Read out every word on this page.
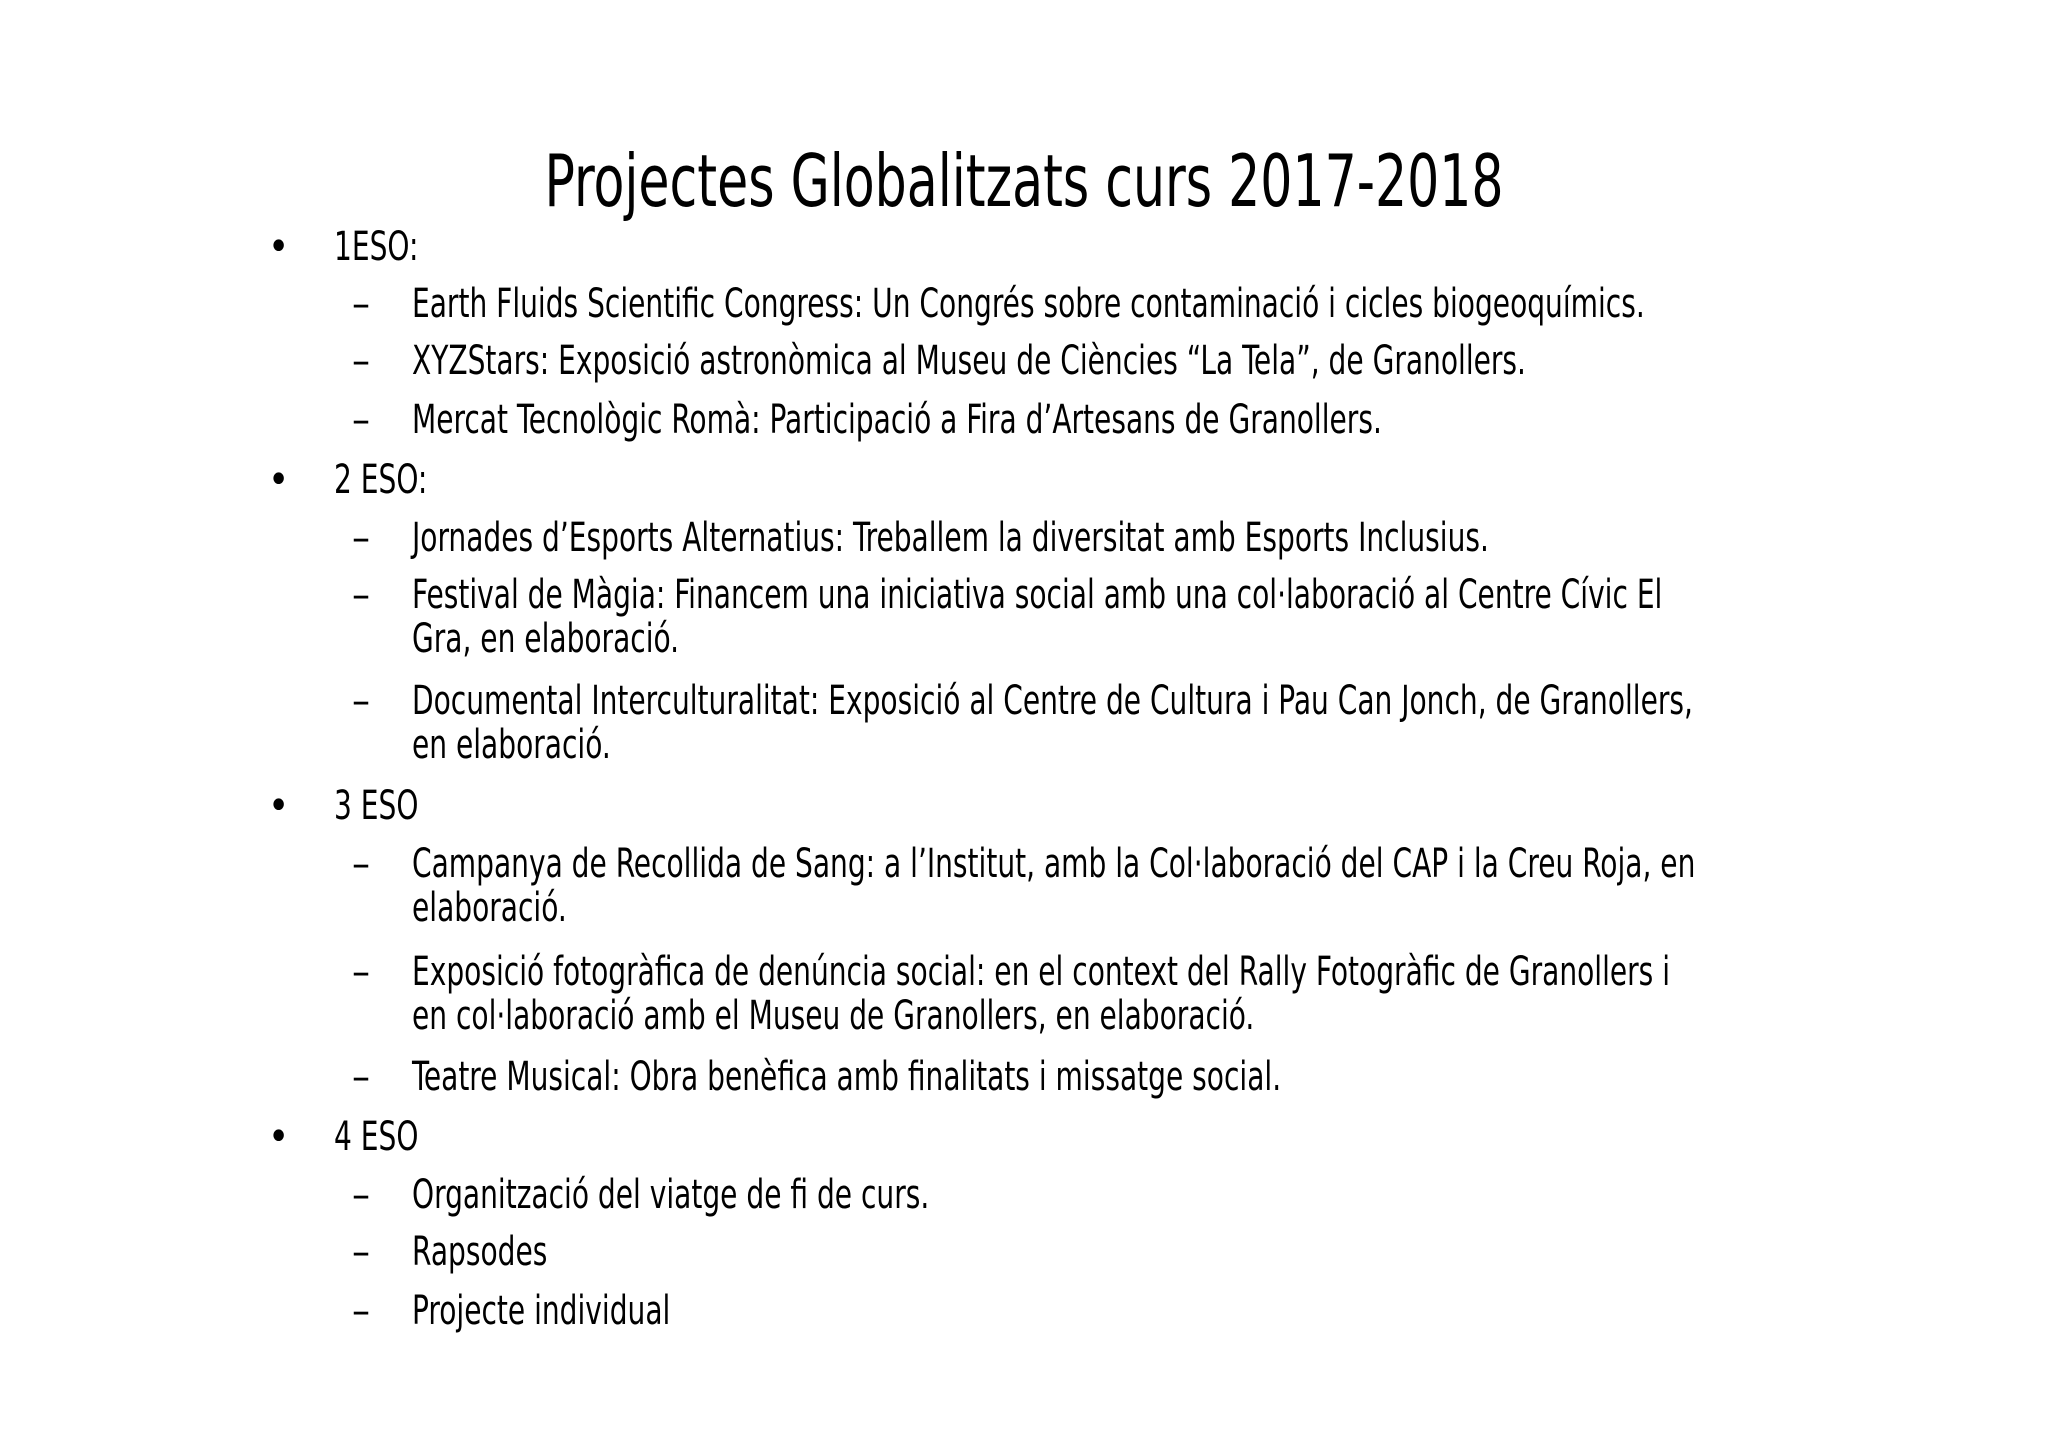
Projectes Globalitzats curs 2017-2018
• 1ESO:
– Earth Fluids Scientific Congress: Un Congrés sobre contaminació i cicles biogeoquímics.
– XYZStars: Exposició astronòmica al Museu de Ciències “La Tela”, de Granollers.
– Mercat Tecnològic Romà: Participació a Fira d’Artesans de Granollers.
• 2 ESO:
– Jornades d’Esports Alternatius: Treballem la diversitat amb Esports Inclusius.
– Festival de Màgia: Financem una iniciativa social amb una col·laboració al Centre Cívic El
Gra, en elaboració.
– Documental Interculturalitat: Exposició al Centre de Cultura i Pau Can Jonch, de Granollers,
en elaboració.
• 3 ESO
– Campanya de Recollida de Sang: a l’Institut, amb la Col·laboració del CAP i la Creu Roja, en
elaboració.
– Exposició fotogràfica de denúncia social: en el context del Rally Fotogràfic de Granollers i
en col·laboració amb el Museu de Granollers, en elaboració.
– Teatre Musical: Obra benèfica amb finalitats i missatge social.
• 4 ESO
– Organització del viatge de fi de curs.
– Rapsodes
– Projecte individual
